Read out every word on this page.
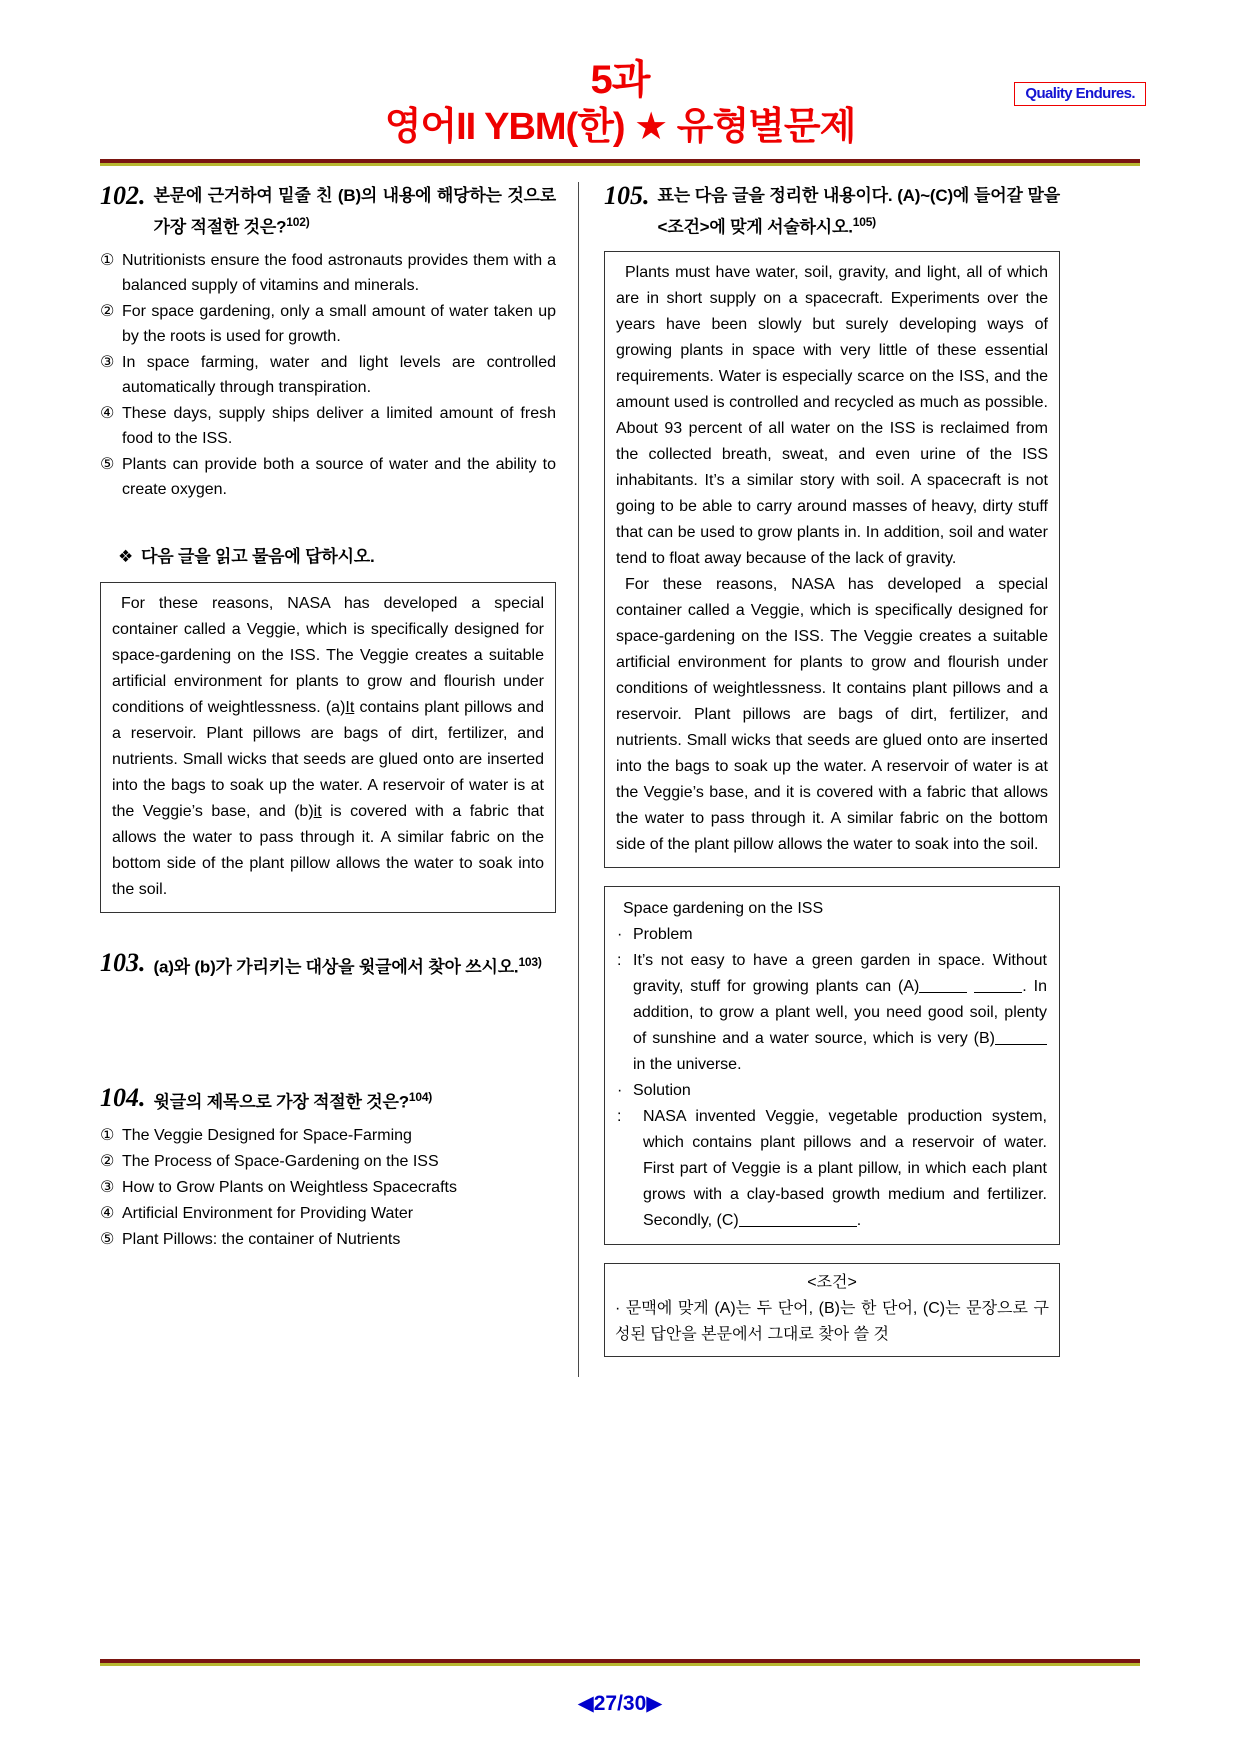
5과
영어II YBM(한) ★ 유형별문제
Quality Endures.
102. 본문에 근거하여 밑줄 친 (B)의 내용에 해당하는 것으로 가장 적절한 것은?$^{102)}$
① Nutritionists ensure the food astronauts provides them with a balanced supply of vitamins and minerals.
② For space gardening, only a small amount of water taken up by the roots is used for growth.
③ In space farming, water and light levels are controlled automatically through transpiration.
④ These days, supply ships deliver a limited amount of fresh food to the ISS.
⑤ Plants can provide both a source of water and the ability to create oxygen.
❖ 다음 글을 읽고 물음에 답하시오.

For these reasons, NASA has developed a special container called a Veggie, which is specifically designed for space-gardening on the ISS. The Veggie creates a suitable artificial environment for plants to grow and flourish under conditions of weightlessness. (a)It contains plant pillows and a reservoir. Plant pillows are bags of dirt, fertilizer, and nutrients. Small wicks that seeds are glued onto are inserted into the bags to soak up the water. A reservoir of water is at the Veggie’s base, and (b)it is covered with a fabric that allows the water to pass through it. A similar fabric on the bottom side of the plant pillow allows the water to soak into the soil.

103. (a)와 (b)가 가리키는 대상을 윗글에서 찾아 쓰시오.$^{103)}$
104. 윗글의 제목으로 가장 적절한 것은?$^{104)}$
① The Veggie Designed for Space-Farming
② The Process of Space-Gardening on the ISS
③ How to Grow Plants on Weightless Spacecrafts
④ Artificial Environment for Providing Water
⑤ Plant Pillows: the container of Nutrients
105. 표는 다음 글을 정리한 내용이다. (A)~(C)에 들어갈 말을 <조건>에 맞게 서술하시오.$^{105)}$

Plants must have water, soil, gravity, and light, all of which are in short supply on a spacecraft. Experiments over the years have been slowly but surely developing ways of growing plants in space with very little of these essential requirements. Water is especially scarce on the ISS, and the amount used is controlled and recycled as much as possible. About 93 percent of all water on the ISS is reclaimed from the collected breath, sweat, and even urine of the ISS inhabitants. It’s a similar story with soil. A spacecraft is not going to be able to carry around masses of heavy, dirty stuff that can be used to grow plants in. In addition, soil and water tend to float away because of the lack of gravity.

For these reasons, NASA has developed a special container called a Veggie, which is specifically designed for space-gardening on the ISS. The Veggie creates a suitable artificial environment for plants to grow and flourish under conditions of weightlessness. It contains plant pillows and a reservoir. Plant pillows are bags of dirt, fertilizer, and nutrients. Small wicks that seeds are glued onto are inserted into the bags to soak up the water. A reservoir of water is at the Veggie’s base, and it is covered with a fabric that allows the water to pass through it. A similar fabric on the bottom side of the plant pillow allows the water to soak into the soil.

Space gardening on the ISS
· Problem
: It’s not easy to have a green garden in space. Without gravity, stuff for growing plants can (A)	. In addition, to grow a plant well, you need good soil, plenty of sunshine and a water source, which is very (B) in the universe.
· Solution
:	NASA invented Veggie, vegetable production system, which contains plant pillows and a reservoir of water. First part of Veggie is a plant pillow, in which each plant grows with a clay-based growth medium and fertilizer. Secondly, (C)	.
<조건>
· 문맥에 맞게 (A)는 두 단어, (B)는 한 단어, (C)는 문장으로 구성된 답안을 본문에서 그대로 찾아 쓸 것
◀27/30▶
